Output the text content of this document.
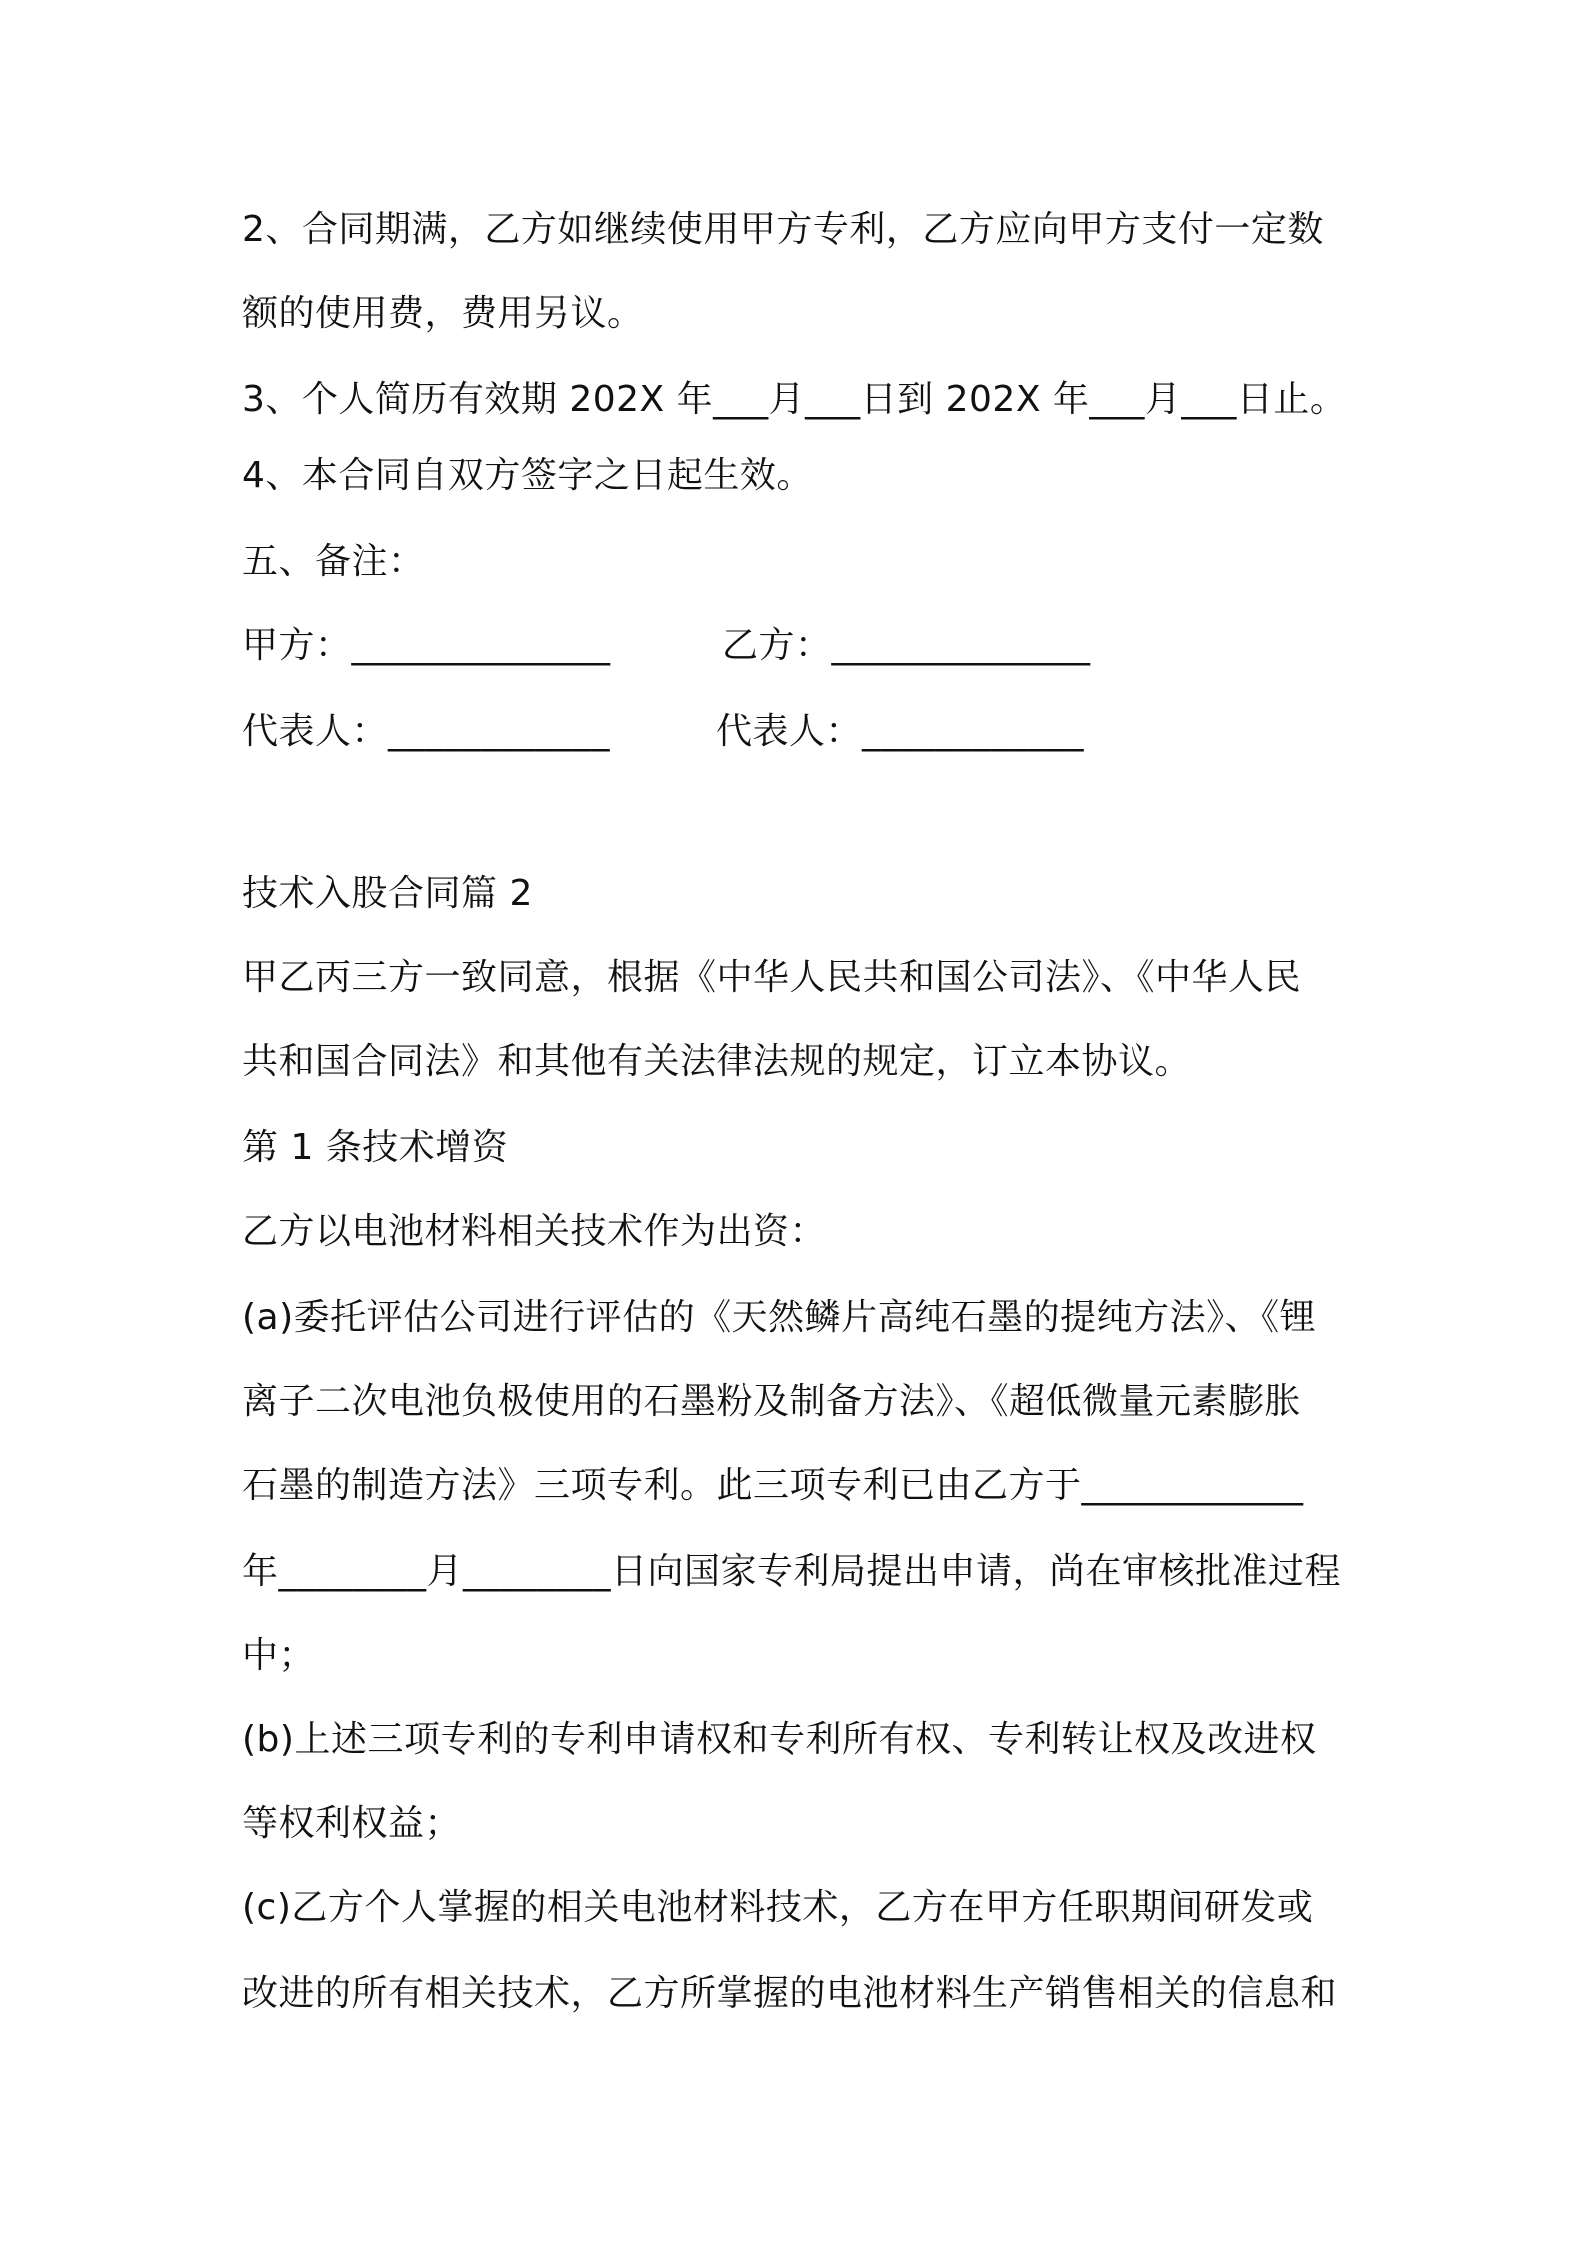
2、合同期满，乙方如继续使用甲方专利，乙方应向甲方支付一定数
额的使用费，费用另议。
3、个人简历有效期 202X 年___月___日到 202X 年___月___日止。
4、本合同自双方签字之日起生效。
五、备注：
甲方：______________	乙方：______________
代表人：____________	代表人：____________
技术入股合同篇 2
甲乙丙三方一致同意，根据《中华人民共和国公司法》、《中华人民
共和国合同法》和其他有关法律法规的规定，订立本协议。
第 1 条技术增资
乙方以电池材料相关技术作为出资：
(a)委托评估公司进行评估的《天然鳞片高纯石墨的提纯方法》、《锂
离子二次电池负极使用的石墨粉及制备方法》、《超低微量元素膨胀
石墨的制造方法》三项专利。此三项专利已由乙方于____________
年________月________日向国家专利局提出申请，尚在审核批准过程
中；
(b)上述三项专利的专利申请权和专利所有权、专利转让权及改进权
等权利权益；
(c)乙方个人掌握的相关电池材料技术，乙方在甲方任职期间研发或
改进的所有相关技术，乙方所掌握的电池材料生产销售相关的信息和
